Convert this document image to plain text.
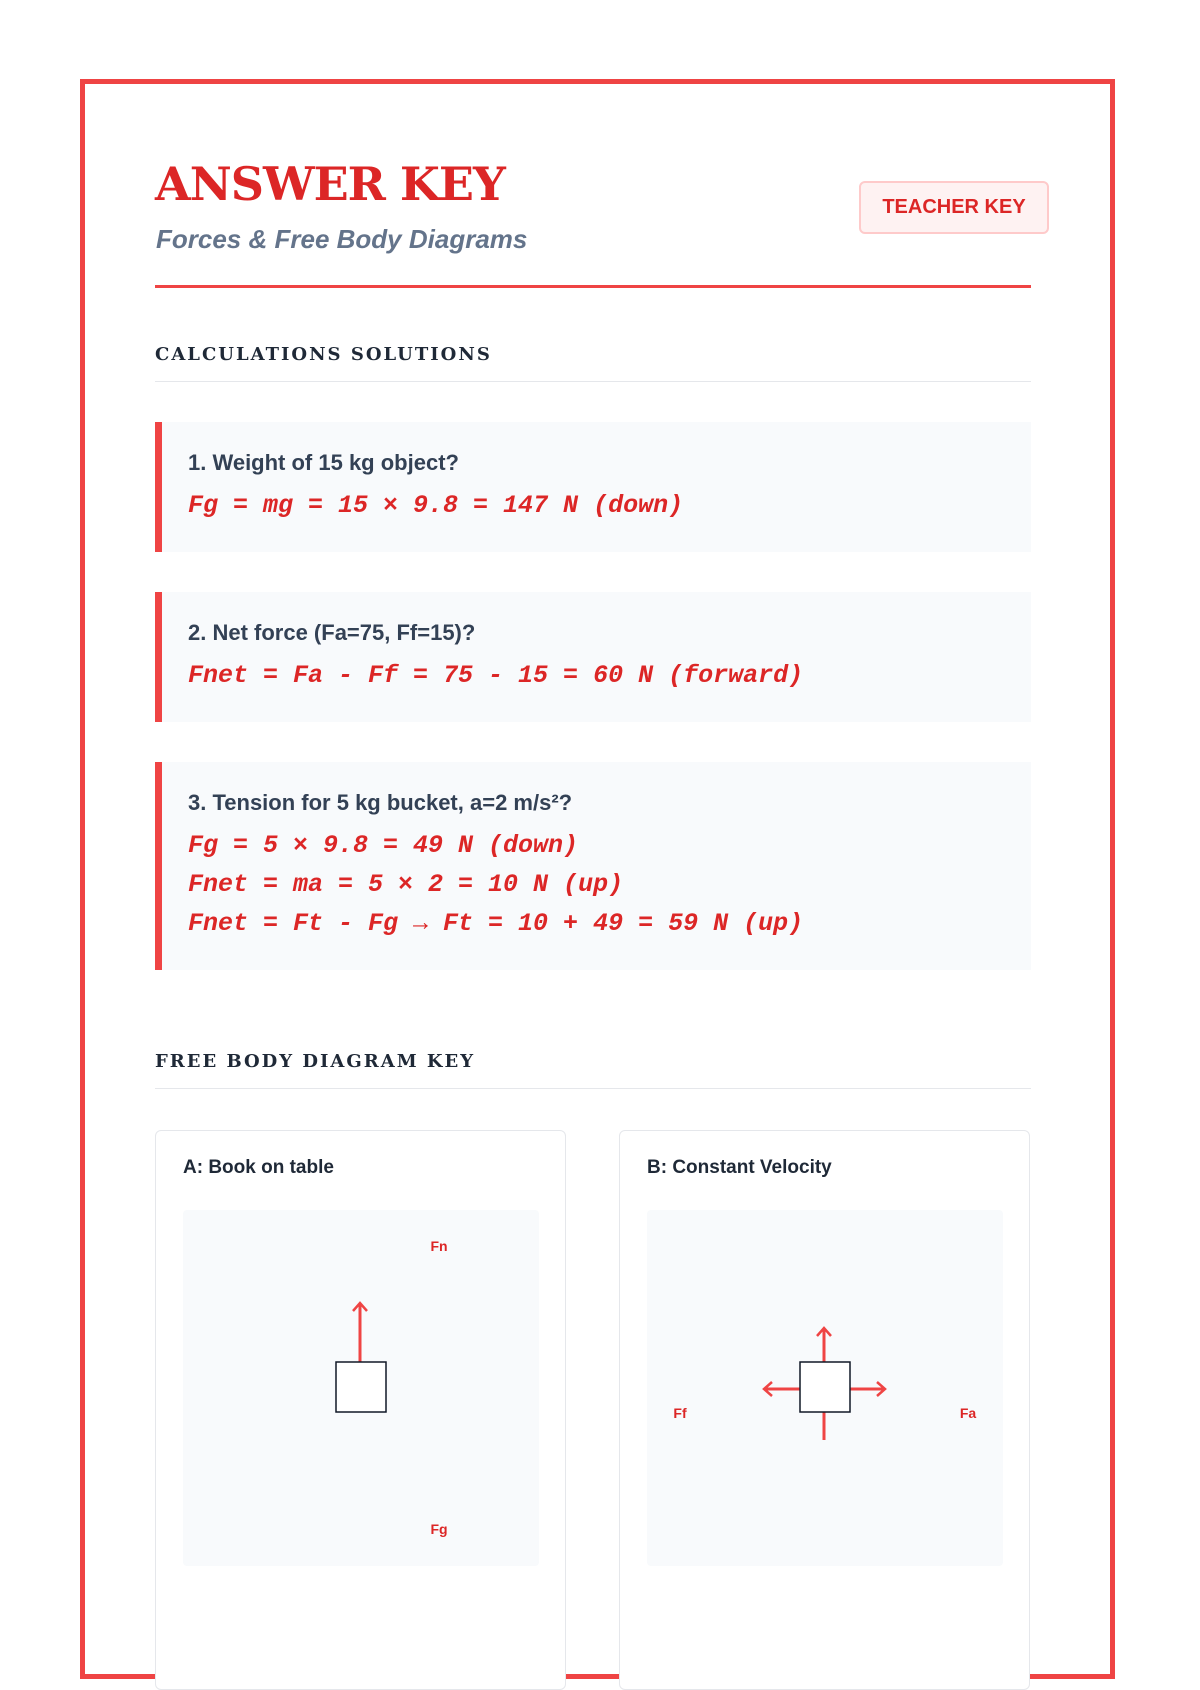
ANSWER KEY

Forces & Free Body Diagrams

TEACHER KEY
CALCULATIONS SOLUTIONS

1. Weight of 15 kg object?

Fg = mg = 15 × 9.8 = 147 N (down)

2. Net force (Fa=75, Ff=15)?

Fnet = Fa - Ff = 75 - 15 = 60 N (forward)

3. Tension for 5 kg bucket, a=2 m/s²?

Fg = 5 × 9.8 = 49 N (down)

Fnet = ma = 5 × 2 = 10 N (up)

Fnet = Ft - Fg → Ft = 10 + 49 = 59 N (up)

FREE BODY DIAGRAM KEY
A: Book on table
Fn
Fg
B: Constant Velocity
Ff	Fa
